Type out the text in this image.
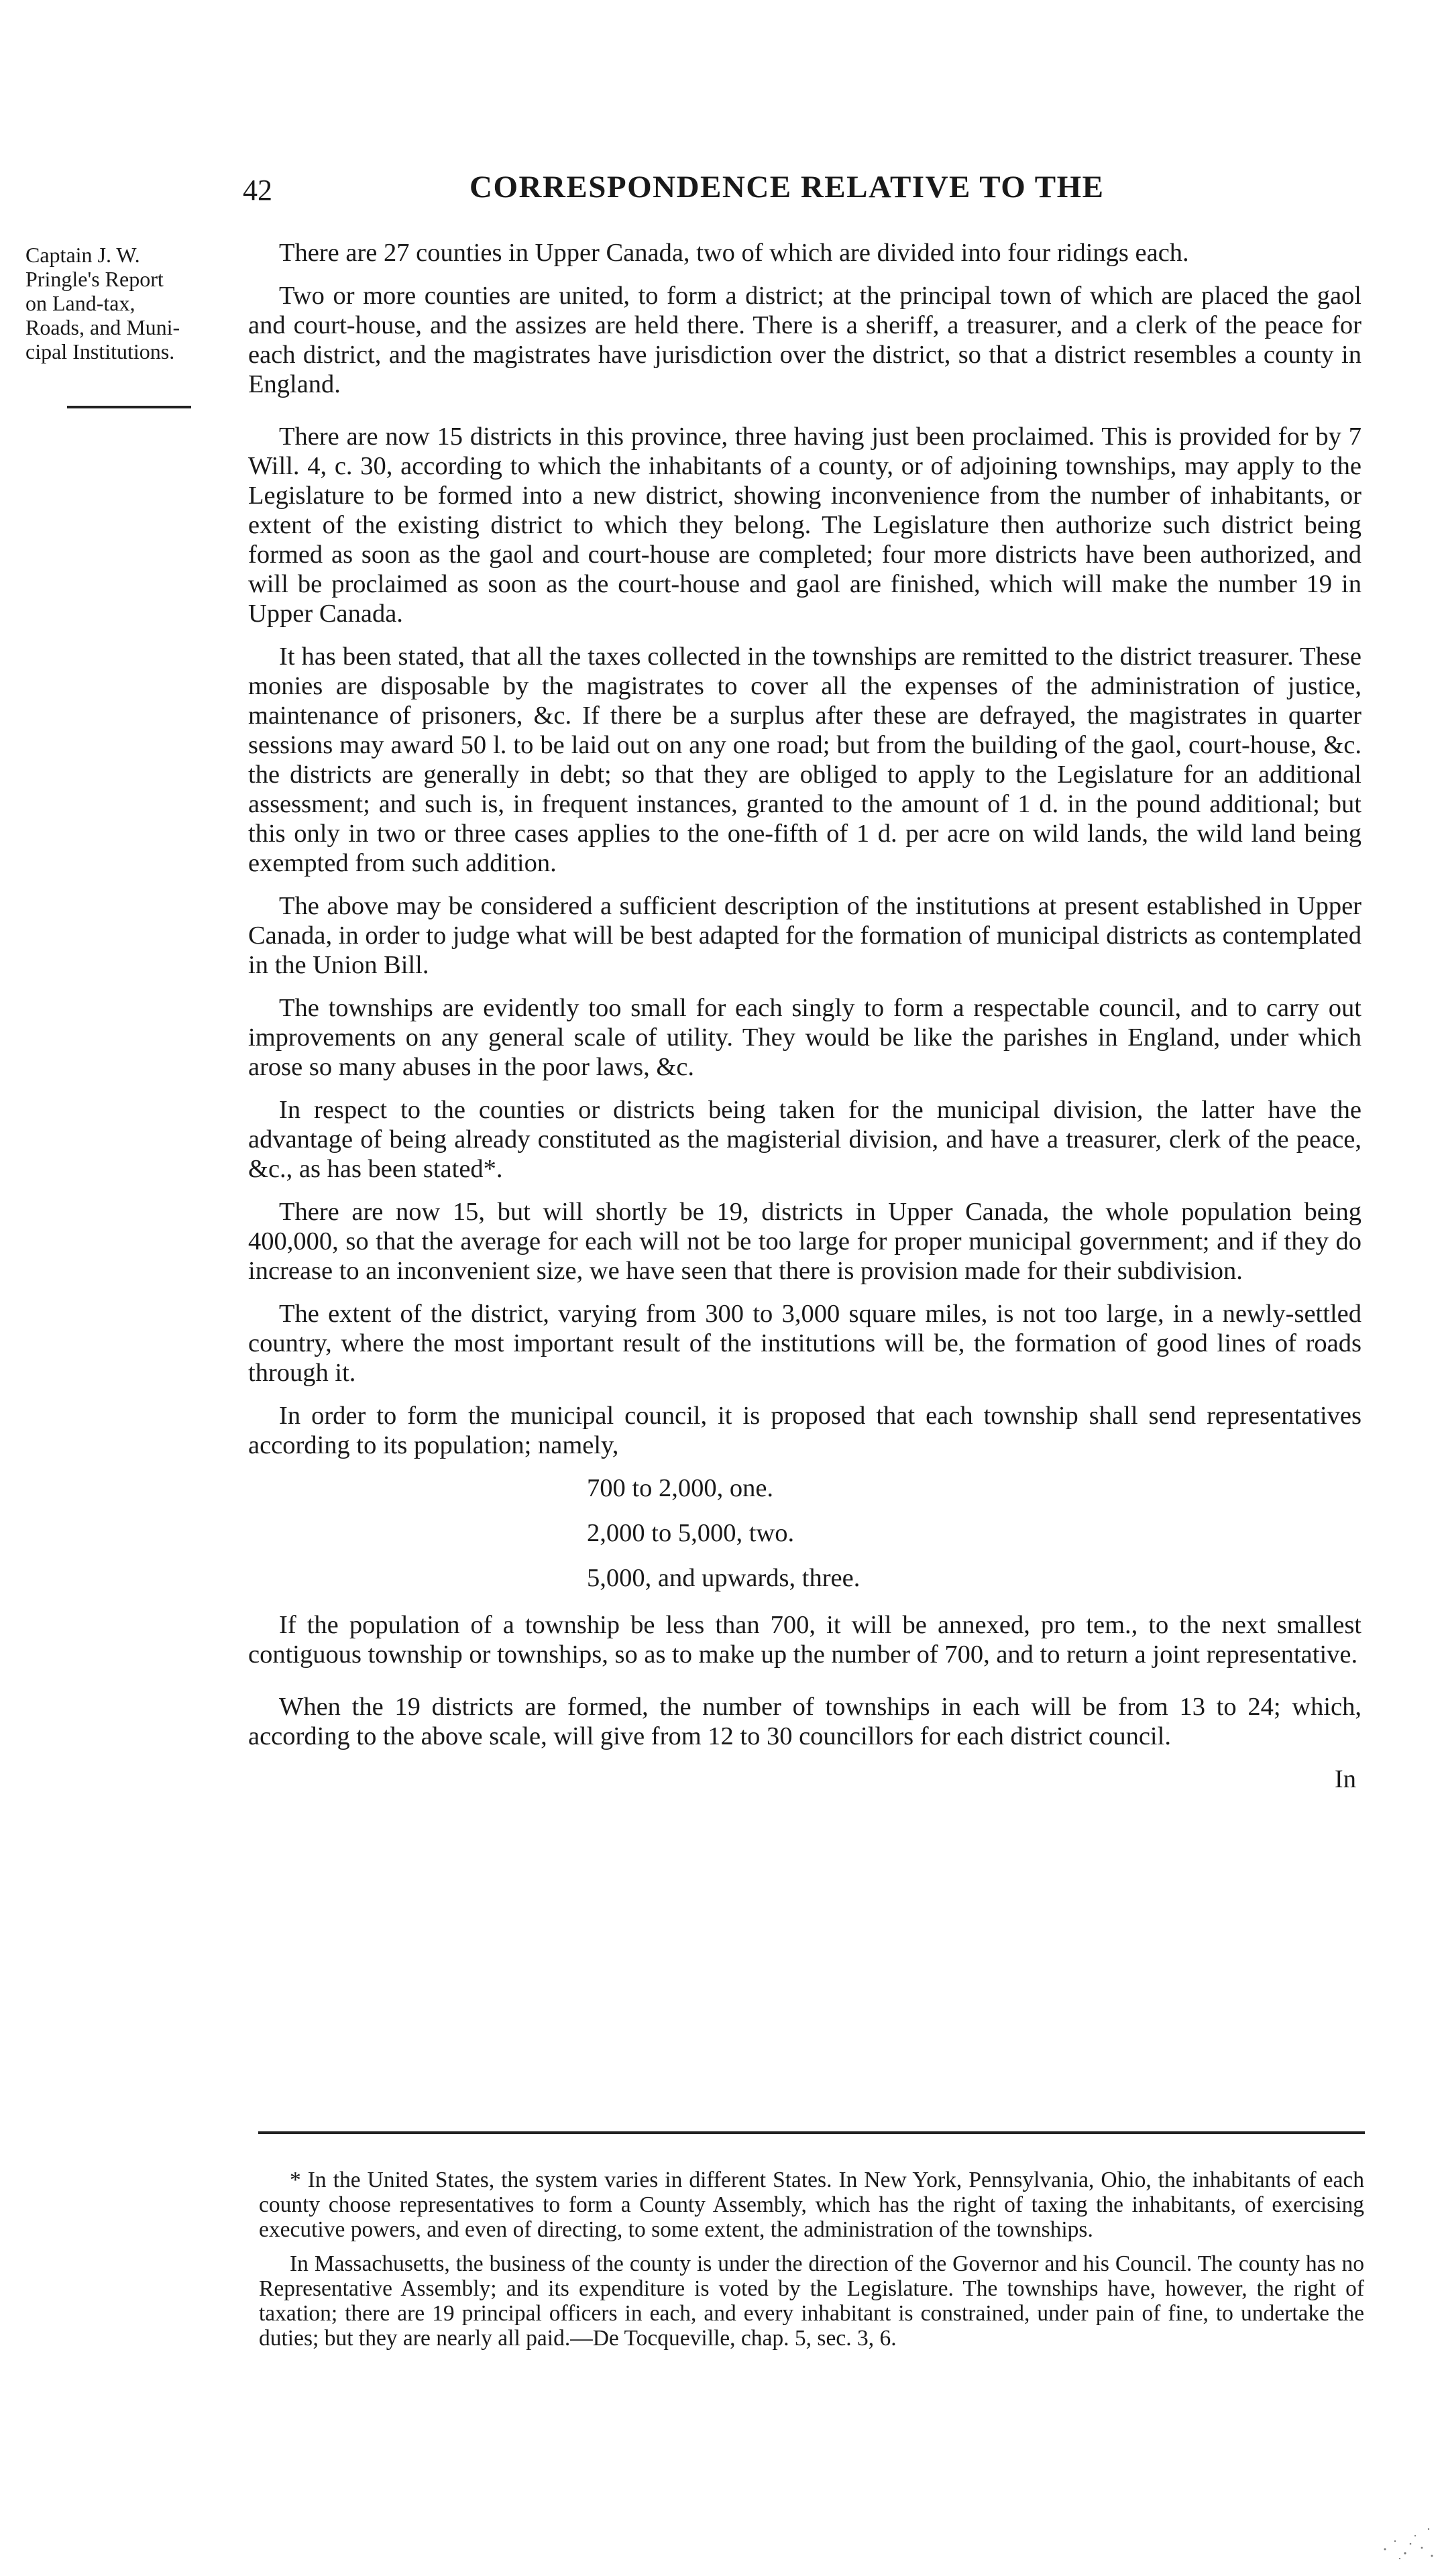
42	CORRESPONDENCE RELATIVE TO THE
Captain J. W.
Pringle's Report
on Land-tax,
Roads, and Muni-
cipal Institutions.

There are 27 counties in Upper Canada, two of which are divided into four ridings each.

Two or more counties are united, to form a district; at the principal town of which are placed the gaol and court-house, and the assizes are held there. There is a sheriff, a treasurer, and a clerk of the peace for each district, and the magistrates have jurisdiction over the district, so that a district resembles a county in England.

There are now 15 districts in this province, three having just been proclaimed. This is provided for by 7 Will. 4, c. 30, according to which the inhabitants of a county, or of adjoining townships, may apply to the Legislature to be formed into a new district, showing inconvenience from the number of inhabitants, or extent of the existing district to which they belong. The Legislature then authorize such district being formed as soon as the gaol and court-house are completed; four more districts have been authorized, and will be proclaimed as soon as the court-house and gaol are finished, which will make the number 19 in Upper Canada.

It has been stated, that all the taxes collected in the townships are remitted to the district treasurer. These monies are disposable by the magistrates to cover all the expenses of the administration of justice, maintenance of prisoners, &c. If there be a surplus after these are defrayed, the magistrates in quarter sessions may award 50 l. to be laid out on any one road; but from the building of the gaol, court-house, &c. the districts are generally in debt; so that they are obliged to apply to the Legislature for an additional assessment; and such is, in frequent instances, granted to the amount of 1 d. in the pound additional; but this only in two or three cases applies to the one-fifth of 1 d. per acre on wild lands, the wild land being exempted from such addition.

The above may be considered a sufficient description of the institutions at present established in Upper Canada, in order to judge what will be best adapted for the formation of municipal districts as contemplated in the Union Bill.

The townships are evidently too small for each singly to form a respectable council, and to carry out improvements on any general scale of utility. They would be like the parishes in England, under which arose so many abuses in the poor laws, &c.

In respect to the counties or districts being taken for the municipal division, the latter have the advantage of being already constituted as the magisterial division, and have a treasurer, clerk of the peace, &c., as has been stated*.

There are now 15, but will shortly be 19, districts in Upper Canada, the whole population being 400,000, so that the average for each will not be too large for proper municipal government; and if they do increase to an inconvenient size, we have seen that there is provision made for their subdivision.

The extent of the district, varying from 300 to 3,000 square miles, is not too large, in a newly-settled country, where the most important result of the institutions will be, the formation of good lines of roads through it.

In order to form the municipal council, it is proposed that each township shall send representatives according to its population; namely,

700 to 2,000, one.
2,000 to 5,000, two.
5,000, and upwards, three.

If the population of a township be less than 700, it will be annexed, pro tem., to the next smallest contiguous township or townships, so as to make up the number of 700, and to return a joint representative.

When the 19 districts are formed, the number of townships in each will be from 13 to 24; which, according to the above scale, will give from 12 to 30 councillors for each district council.

In

* In the United States, the system varies in different States. In New York, Pennsylvania, Ohio, the inhabitants of each county choose representatives to form a County Assembly, which has the right of taxing the inhabitants, of exercising executive powers, and even of directing, to some extent, the administration of the townships.

In Massachusetts, the business of the county is under the direction of the Governor and his Council. The county has no Representative Assembly; and its expenditure is voted by the Legislature. The townships have, however, the right of taxation; there are 19 principal officers in each, and every inhabitant is constrained, under pain of fine, to undertake the duties; but they are nearly all paid.—De Tocqueville, chap. 5, sec. 3, 6.
